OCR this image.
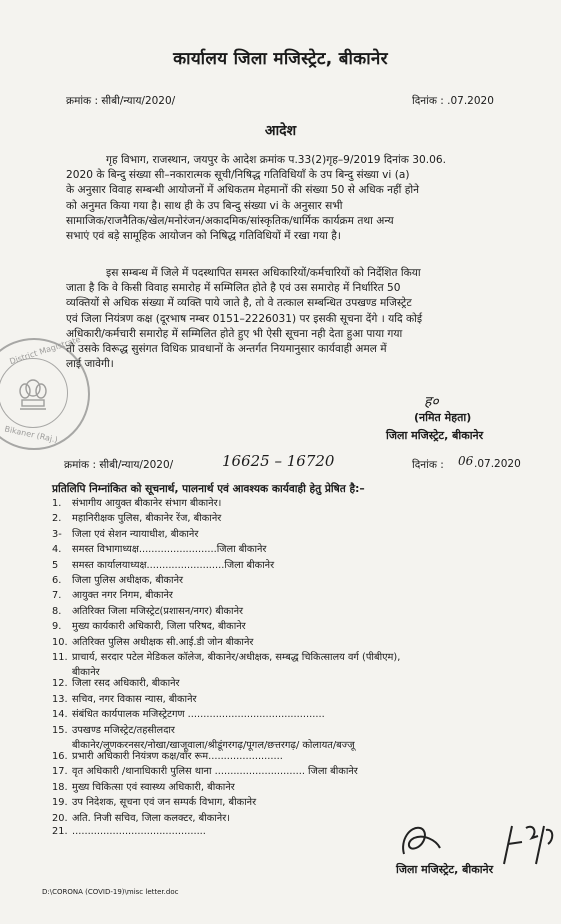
कार्यालय जिला मजिस्ट्रेट, बीकानेर
क्रमांक : सीबी/न्याय/2020/	दिनांक : .07.2020
आदेश
गृह विभाग, राजस्थान, जयपुर के आदेश क्रमांक प.33(2)गृह–9/2019 दिनांक 30.06.
2020 के बिन्दु संख्या सी–नकारात्मक सूची/निषिद्ध गतिविधियॉं के उप बिन्दु संख्या vi (a)
के अनुसार विवाह सम्बन्धी आयोजनों में अधिकतम मेहमानों की संख्या 50 से अधिक नहीं होने
को अनुमत किया गया है। साथ ही के उप बिन्दु संख्या vi के अनुसार सभी
सामाजिक/राजनैतिक/खेल/मनोरंजन/अकादमिक/सांस्कृतिक/धार्मिक कार्यक्रम तथा अन्य
सभाएं एवं बड़े सामूहिक आयोजन को निषिद्ध गतिविधियों में रखा गया है।
इस सम्बन्ध में जिले में पदस्थापित समस्त अधिकारियों/कर्मचारियों को निर्देशित किया
जाता है कि वे किसी विवाह समारोह में सम्मिलित होते है एवं उस समारोह में निर्धारित 50
व्यक्तियों से अधिक संख्या में व्यक्ति पाये जाते है, तो वे तत्काल सम्बन्धित उपखण्ड मजिस्ट्रेट
एवं जिला नियंत्रण कक्ष (दूरभाष नम्बर 0151–2226031) पर इसकी सूचना देंगे । यदि कोई
अधिकारी/कर्मचारी समारोह में सम्मिलित होते हुए भी ऐसी सूचना नही देता हुआ पाया गया
तो उसके विरूद्ध सुसंगत विधिक प्रावधानों के अन्तर्गत नियमानुसार कार्यवाही अमल में
लाई जावेगी।
District Magistrate
Bikaner (Raj.)
ह०
(नमित मेहता)
जिला मजिस्ट्रेट, बीकानेर
क्रमांक : सीबी/न्याय/2020/	16625 – 16720	दिनांक : 06 .07.2020
प्रतिलिपि निम्नांकित को सूचनार्थ, पालनार्थ एवं आवश्यक कार्यवाही हेतु प्रेषित है:–
1. संभागीय आयुक्त बीकानेर संभाग बीकानेर।
2. महानिरीक्षक पुलिस, बीकानेर रेंज, बीकानेर
3- जिला एवं सेशन न्यायाधीश, बीकानेर
4. समस्त विभागाध्यक्ष.........................जिला बीकानेर
5 समस्त कार्यालयाध्यक्ष.........................जिला बीकानेर
6. जिला पुलिस अधीक्षक, बीकानेर
7. आयुक्त नगर निगम, बीकानेर
8. अतिरिक्त जिला मजिस्ट्रेट(प्रशासन/नगर) बीकानेर
9. मुख्य कार्यकारी अधिकारी, जिला परिषद, बीकानेर
10. अतिरिक्त पुलिस अधीक्षक सी.आई.डी जोन बीकानेर
11. प्राचार्य, सरदार पटेल मेडिकल कॉलेज, बीकानेर/अधीक्षक, सम्बद्ध चिकित्सालय वर्ग (पीबीएम),
बीकानेर
12. जिला रसद अधिकारी, बीकानेर
13. सचिव, नगर विकास न्यास, बीकानेर
14. संबंधित कार्यपालक मजिस्ट्रेटगण ............................................
15. उपखण्ड मजिस्ट्रेट/तहसीलदार
बीकानेर/लूणकरनसर/नोखा/खाजूवाला/श्रीडूंगरगढ़/पूगल/छत्तरगढ़/ कोलायत/बज्जू
16. प्रभारी अधिकारी नियंत्रण कक्ष/वॉर रूम........................
17. वृत अधिकारी /थानाधिकारी पुलिस थाना ............................. जिला बीकानेर
18. मुख्य चिकित्सा एवं स्वास्थ्य अधिकारी, बीकानेर
19. उप निदेशक, सूचना एवं जन सम्पर्क विभाग, बीकानेर
20. अति. निजी सचिव, जिला कलक्टर, बीकानेर।
21. ...........................................
जिला मजिस्ट्रेट, बीकानेर
D:\CORONA (COVID-19)\misc letter.doc
